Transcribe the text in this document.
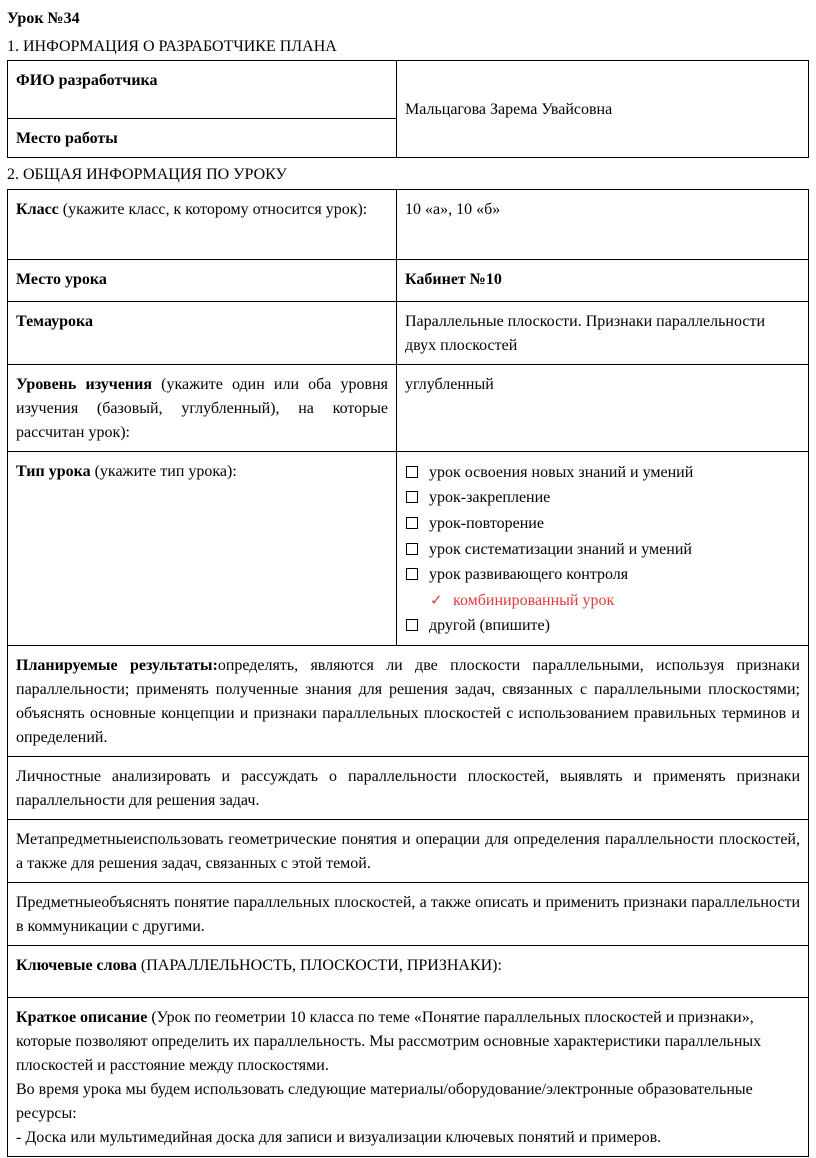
Урок №34
1. ИНФОРМАЦИЯ О РАЗРАБОТЧИКЕ ПЛАНА
ФИО разработчика	Мальцагова Зарема Увайсовна
Место работы
2. ОБЩАЯ ИНФОРМАЦИЯ ПО УРОКУ
Класс (укажите класс, к которому относится урок):	10 «а», 10 «б»
Место урока	Кабинет №10
Темаурока	Параллельные плоскости. Признаки параллельности двух плоскостей
Уровень изучения (укажите один или оба уровня изучения (базовый, углубленный), на которые рассчитан урок):	углубленный
Тип урока (укажите тип урока):	урок освоения новых знаний и умений
урок-закрепление
урок-повторение
урок систематизации знаний и умений
урок развивающего контроля
✓ комбинированный урок
другой (впишите)

Планируемые результаты:определять, являются ли две плоскости параллельными, используя признаки параллельности; применять полученные знания для решения задач, связанных с параллельными плоскостями; объяснять основные концепции и признаки параллельных плоскостей с использованием правильных терминов и определений.	
Личностные анализировать и рассуждать о параллельности плоскостей, выявлять и применять признаки параллельности для решения задач.	
Метапредметныеиспользовать геометрические понятия и операции для определения параллельности плоскостей, а также для решения задач, связанных с этой темой.	
Предметныеобъяснять понятие параллельных плоскостей, а также описать и применить признаки параллельности в коммуникации с другими.	
Ключевые слова (ПАРАЛЛЕЛЬНОСТЬ, ПЛОСКОСТИ, ПРИЗНАКИ):	

Краткое описание (Урок по геометрии 10 класса по теме «Понятие параллельных плоскостей и признаки», которые позволяют определить их параллельность. Мы рассмотрим основные характеристики параллельных плоскостей и расстояние между плоскостями.

Во время урока мы будем использовать следующие материалы/оборудование/электронные образовательные ресурсы:

- Доска или мультимедийная доска для записи и визуализации ключевых понятий и примеров.	
